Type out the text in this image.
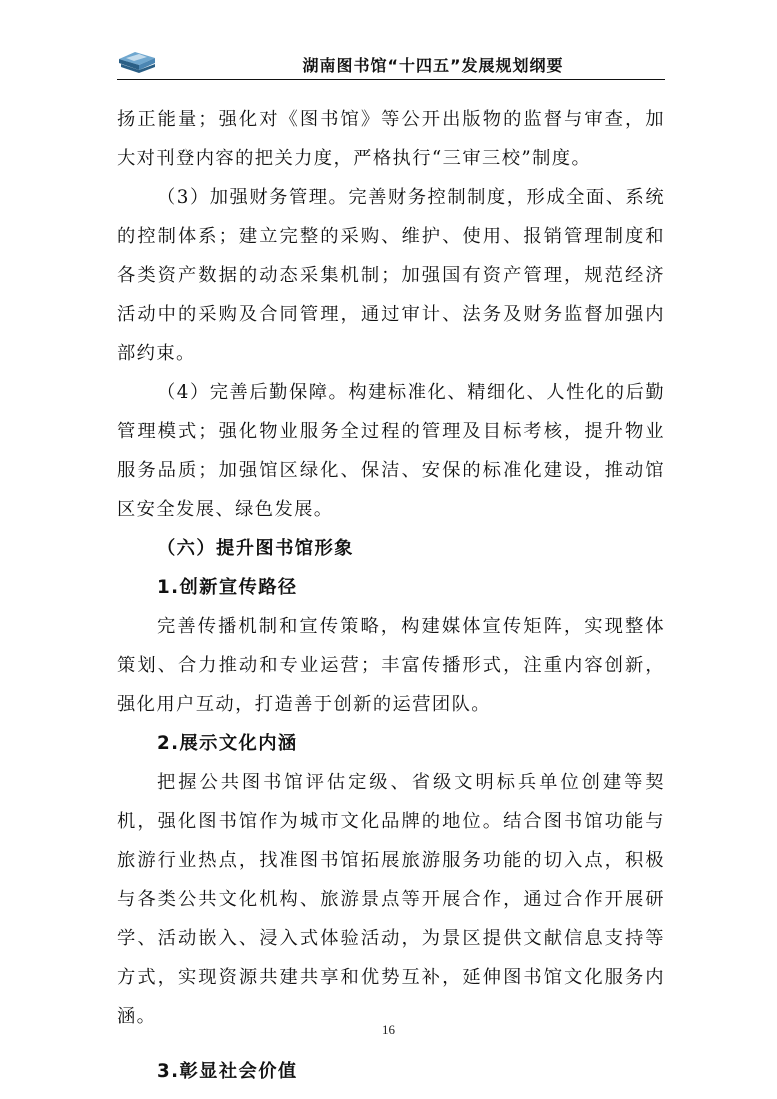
湖南图书馆“十四五”发展规划纲要

扬正能量；强化对《图书馆》等公开出版物的监督与审查，加大对刊登内容的把关力度，严格执行“三审三校”制度。

（3）加强财务管理。完善财务控制制度，形成全面、系统的控制体系；建立完整的采购、维护、使用、报销管理制度和各类资产数据的动态采集机制；加强国有资产管理，规范经济活动中的采购及合同管理，通过审计、法务及财务监督加强内部约束。

（4）完善后勤保障。构建标准化、精细化、人性化的后勤管理模式；强化物业服务全过程的管理及目标考核，提升物业服务品质；加强馆区绿化、保洁、安保的标准化建设，推动馆区安全发展、绿色发展。

（六）提升图书馆形象
1.创新宣传路径

完善传播机制和宣传策略，构建媒体宣传矩阵，实现整体策划、合力推动和专业运营；丰富传播形式，注重内容创新，强化用户互动，打造善于创新的运营团队。

2.展示文化内涵

把握公共图书馆评估定级、省级文明标兵单位创建等契机，强化图书馆作为城市文化品牌的地位。结合图书馆功能与旅游行业热点，找准图书馆拓展旅游服务功能的切入点，积极与各类公共文化机构、旅游景点等开展合作，通过合作开展研学、活动嵌入、浸入式体验活动，为景区提供文献信息支持等方式，实现资源共建共享和优势互补，延伸图书馆文化服务内涵。

3.彰显社会价值
16
